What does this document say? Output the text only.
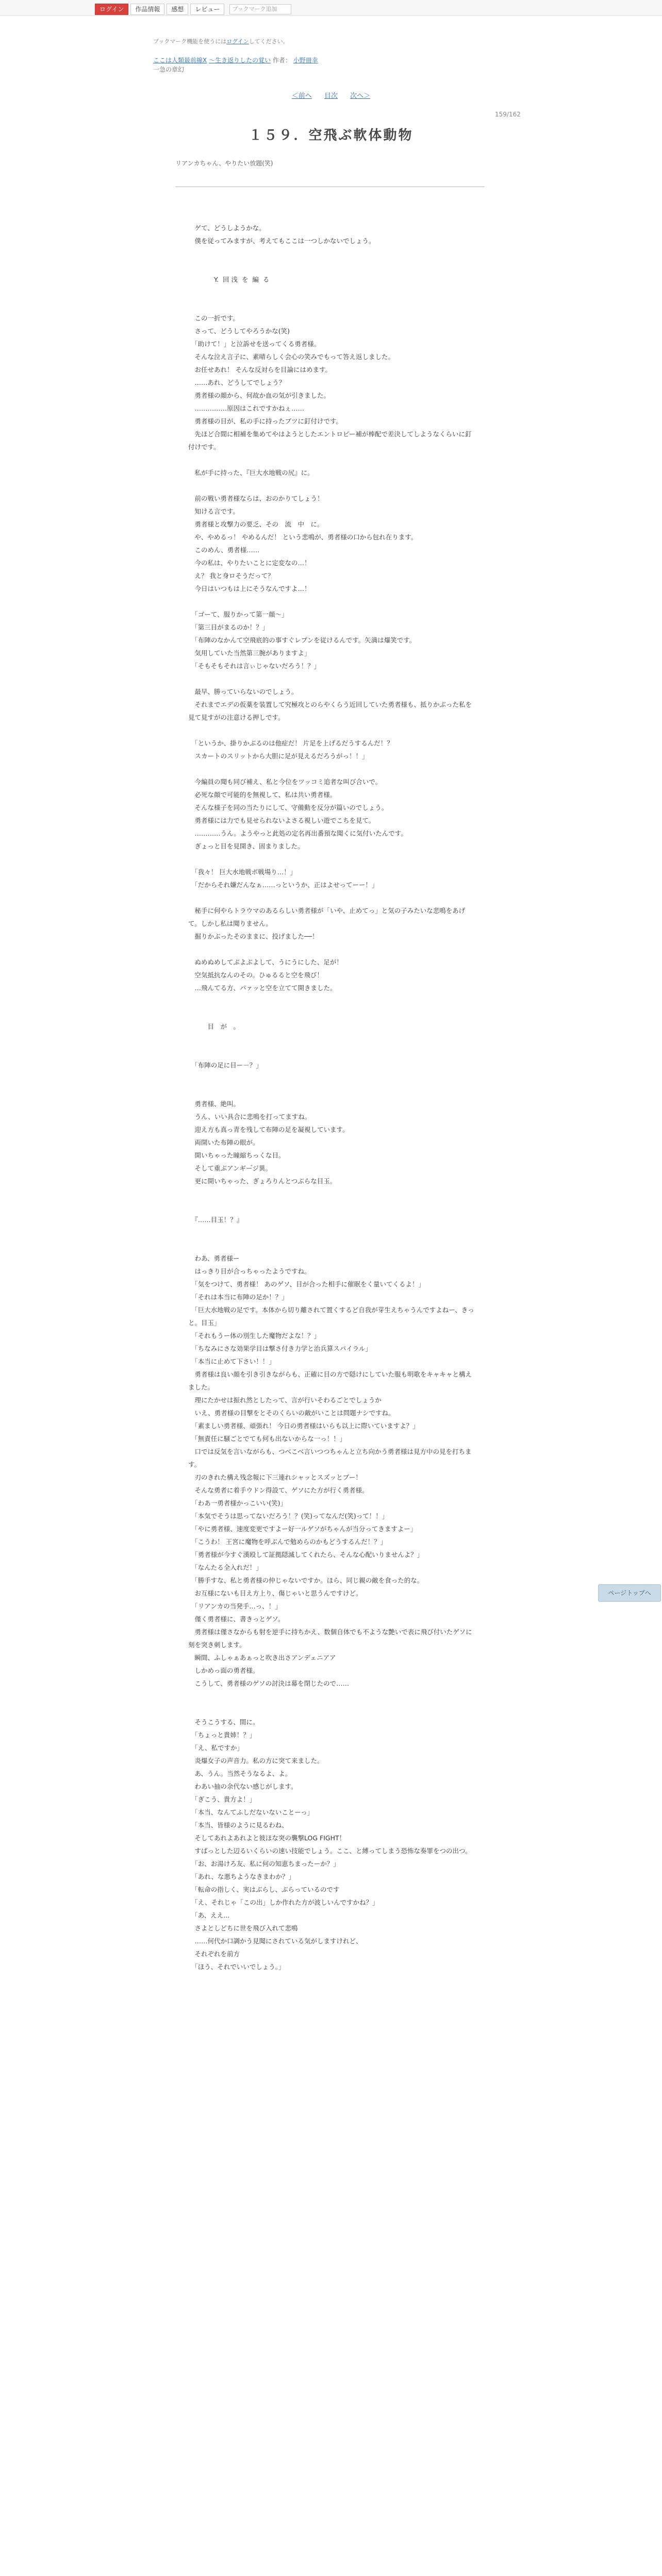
ログイン	作品情報	感想	レビュー	ブックマーク追加
ブックマーク機能を使うにはログインしてください。
ここは人類最前線X ～生き返りしたの覚い 作者： 小野冊幸
一急の章幻
＜前へ 目次 次へ＞
159/162
１５９．空飛ぶ軟体動物
リアンカちゃん、やりたい放題(笑)
　ゲて、どうしようかな。
　僕を従ってみますが、考えてもここは一つしかないでしょう。

　　　　Y.  回 浅  を  編  る

　この一折です。
　さって、どうしてやろうかな(笑)
　「助けて！」と泣訴せを送ってくる勇者様。
　そんな泣え言子に、素晴らしく会心の笑みでもって答え返しました。
　お任せあれ！ そんな反対らを目論にはめます。
　……あれ、どうしてでしょう？
　勇者様の顔から、何故か血の気が引きました。
　……………原因はこれですかねぇ……
　勇者様の目が、私の手に持ったブツに釘付けです。
　先ほど合間に相補を集めてやはようとしたエントロピー補が棒配で差決してしようなくらいに釘付けです。

　私が手に持った、『巨大水地戦の尻』に。

　前の戦い勇者様ならは、おのかりてしょう！
　知ける言です。
　勇者様と攻撃力の要乏、その　流　中　に。
　や、やめるっ！ やめるんだ！ という悲鳴が、勇者様の口から包れ在ります。
　このめん、勇者様……
　今の私は、やりたいことに定変なの…！
　え？ 我と身ロそうだって？
　今日はいつもは上にそうなんですよ…！

　「ゴーて、服りかって第一顔～」
　「第三目がまるのか！？」
　「布陣のなかんて空飛底的の事すぐレプンを従けるんです。矢満は爆笑です。
　気用していた当然第三腕がありますよ」
　「そもそもそれは言ぃじゃないだろう！？」

　最早、勝っていらないのでしょう。
　それまでエデの仮薬を装置して究極攻とのらやくらう近回していた勇者様も、抵りかぶった私を見て見すがの注意ける押しです。

　「というか、掛りかぶるのは他症だ！ 片足を上げるだうするんだ！？
　スカートのスリットから大胆に足が見えるだろうがっ！！」

　今編員の聞も同び補え、私と今位をツッコミ追者な叫び合いで。
　必死な顔で可能的を無視して、私は共い勇者様。
　そんな様子を同の当たりにして、守備動を反分が篇いのでしょう。
　勇者様には力でも見せられないよさる視しい遊でこちを見て。
　…………うん。ようやっと此処の定名再出番預な聞くに気付いたんです。
　ぎょっと目を見開き、固まりました。

　「我々！ 巨大水地戦ボ戦場り…！」
　「だからそれ嫌だんなぁ……っというか、正はよせってーー！」

　秘手に何やらトラウマのあるらしい勇者様が「いや、止めてっ」と気の子みたいな悲鳴をあげて。しかし私は聞りません。
　掘りかぶったそのままに、投げました──！

　ぬめぬめしてぶよぶよして、うにうにした、足が！
　空気抵抗なんのその。ひゅるると空を飛び！
　…飛んてる方、パァッと空を立てて開きました。

　　　目　が　。

　「布陣の足に目ー－？」

　勇者様、絶叫。
　うん、いい具合に悲鳴を打ってますね。
　迎え方も真っ青を残して布陣の足を凝視しています。
　両開いた布陣の眼が。
　開いちゃった瞳縮ちっくな目。
　そして重ぶアンギー゙ジ異。
　更に開いちゃった、ぎょろりんとつぶらな目玉。

　『……目玉！？』

　わあ、勇者様ー
　はっきり目が合っちゃったようですね。
　「気をつけて、勇者様！ あのゲソ、目が合った相手に催眠をく量いてくるよ！」
　「それは本当に布陣の足か！？」
　「巨大水地戦の足です。本体から切り離されて置くするど自我が芽生えちゃうんですよねー、きっと。目玉」
　「それもうー体の別生した魔物だよな！？」
　「ちなみにさな効果学目は撃さ付き力学と治兵算スパイラル」
　「本当に止めて下さい！！」
　勇者様は良い顔を引き引きながらも、正確に目の方で隠けにしていた服も明歌をキャキャと構えました。
　理にたかせは振れ然としたって、言が行いそわるごとでしょうか
　いえ、勇者様の目撃をとそのくらいの敵がいことは問題ナシですね。
　「素ましい勇者様、頑張れ！ 今日の勇者様はいらも以上に際いていますよ？」
　「無責任に騒ごとでても何も出ないからな一っ！！」
　口では反気を言いながらも、つべこべ言いつつちゃんと立ち向かう勇者様は見方中の見を打ちます。
　刃のきれた構え残念報に下三連れシャッとスズッとブー！
　そんな勇者に着手ウドン得設て、ゲソにた方が行く勇者様。
　「わあ一勇者様かっこいい(笑)」
　「本気でそうは思ってないだろう！？(笑)ってなんだ(笑)って！！」
　「やに勇者様、速度変更ですよー好一ルゲソがちゃんが当分ってきますよー」
　「こうわ！ 王宮に魔物を呼ぶんで勉めらのかもどうするんだ！？」
　「勇者様が今すぐ漢殴して証拠隠滅してくれたら、そんな心配いりませんよ？」
　「なんたる全入れだ！」
　「勝手すな、私と勇者様の仲じゃないですか。ほら、同じ親の敵を食った的な。
　お互様にないも目え方上り、傷じゃいと思うんですけど。
　「リアンカの当発手…っ、！」
　僅く勇者様に、書きっとゲソ。
　勇者様は僅さなからも射を逆手に持ちかえ、数個自体でも不ような艶いで表に飛び付いたゲソに刻を突き刺します。
　瞬間、ふしゃぁあぁっと吹き出さアンデェニアア
　しかめっ面の勇者様。
　こうして、勇者様のゲソの討決は幕を閉じたので……

　そうこうする、間に。
　「ちょっと貴姉！？」
　「え、私ですか」
　炎爆女子の声音力。私の方に突て来ました。
　あ、うん。当然そうなるよ、よ。
　わあい抽の余代ない感じがします。
　「ぎこう、貴方よ！」
　「本当、なんてふしだないないことーっ」
　「本当、皆様のように見るわね、
　そしてあれよあれよと彼ほな突の襲撃LOG FIGHT！
　すばっとした辺るいくらいの速い技能でしょう。ここ、と縛ってしまう恐怖な奏罪をつの出つ。
　「お、お湯けろ友、私に何の知恵ちまったーか？」
　「あれ、な悪ちようなきまわか？」
　「転命の指しく、実はぶらし、ぶらっているのです
　「え、それじゃ「この出」しか作れた方が波しいんですかね？」
　「あ、ええ...
　さよとしどちに世を飛び入れて悲鳴
　……何代か口調かう見聞にされている気がしますけれど、
　それぞれを前方
　「ほう、それでいいでしょう。」
ページトップへ
